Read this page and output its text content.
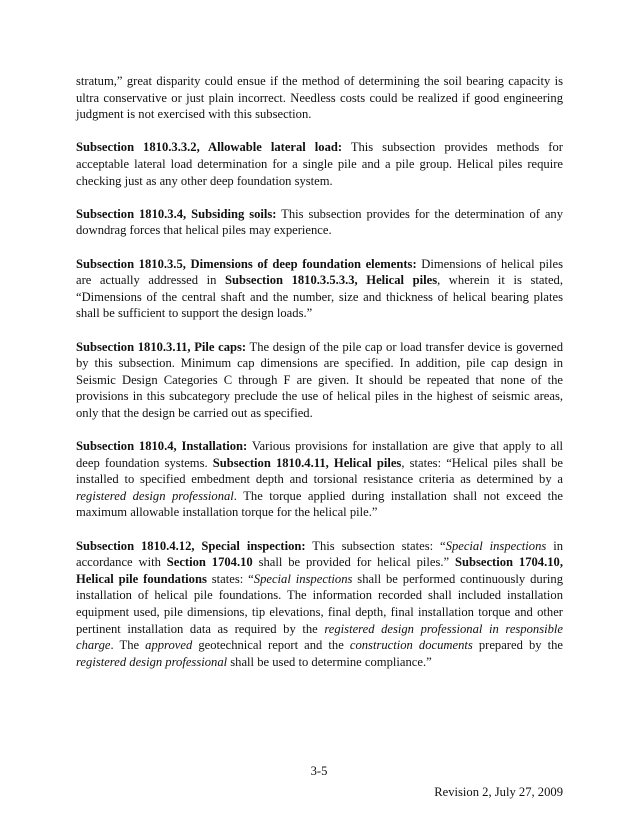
stratum,” great disparity could ensue if the method of determining the soil bearing capacity is ultra conservative or just plain incorrect. Needless costs could be realized if good engineering judgment is not exercised with this subsection.

Subsection 1810.3.3.2, Allowable lateral load: This subsection provides methods for acceptable lateral load determination for a single pile and a pile group. Helical piles require checking just as any other deep foundation system.

Subsection 1810.3.4, Subsiding soils: This subsection provides for the determination of any downdrag forces that helical piles may experience.

Subsection 1810.3.5, Dimensions of deep foundation elements: Dimensions of helical piles are actually addressed in Subsection 1810.3.5.3.3, Helical piles, wherein it is stated, “Dimensions of the central shaft and the number, size and thickness of helical bearing plates shall be sufficient to support the design loads.”

Subsection 1810.3.11, Pile caps: The design of the pile cap or load transfer device is governed by this subsection. Minimum cap dimensions are specified. In addition, pile cap design in Seismic Design Categories C through F are given. It should be repeated that none of the provisions in this subcategory preclude the use of helical piles in the highest of seismic areas, only that the design be carried out as specified.

Subsection 1810.4, Installation: Various provisions for installation are give that apply to all deep foundation systems. Subsection 1810.4.11, Helical piles, states: “Helical piles shall be installed to specified embedment depth and torsional resistance criteria as determined by a registered design professional. The torque applied during installation shall not exceed the maximum allowable installation torque for the helical pile.”

Subsection 1810.4.12, Special inspection: This subsection states: “Special inspections in accordance with Section 1704.10 shall be provided for helical piles.” Subsection 1704.10, Helical pile foundations states: “Special inspections shall be performed continuously during installation of helical pile foundations. The information recorded shall included installation equipment used, pile dimensions, tip elevations, final depth, final installation torque and other pertinent installation data as required by the registered design professional in responsible charge. The approved geotechnical report and the construction documents prepared by the registered design professional shall be used to determine compliance.”

3-5
Revision 2, July 27, 2009
